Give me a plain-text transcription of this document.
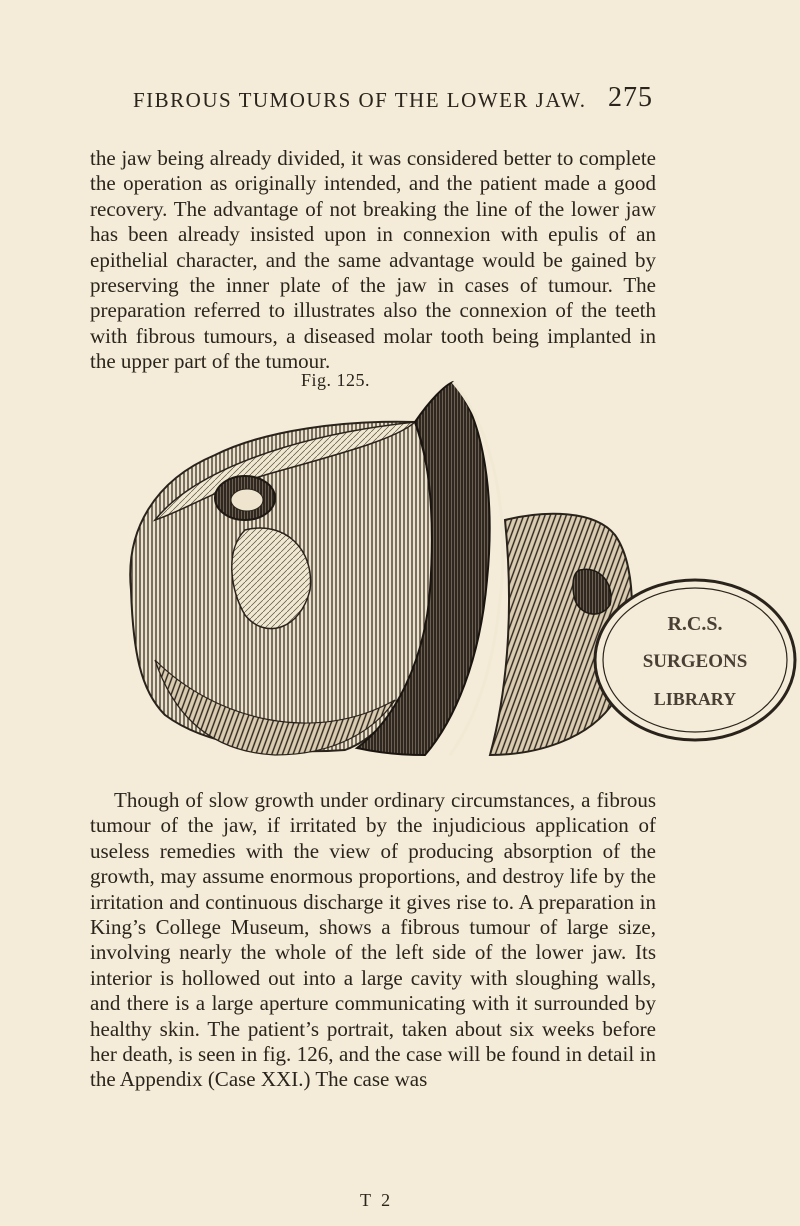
FIBROUS TUMOURS OF THE LOWER JAW. 275

the jaw being already divided, it was considered better to complete the operation as originally intended, and the patient made a good recovery. The advantage of not breaking the line of the lower jaw has been already insisted upon in connexion with epulis of an epithelial character, and the same advantage would be gained by preserving the inner plate of the jaw in cases of tumour. The preparation referred to illustrates also the connexion of the teeth with fibrous tumours, a diseased molar tooth being implanted in the upper part of the tumour.

Fig. 125.
R.C.S.
SURGEONS
LIBRARY

Though of slow growth under ordinary circumstances, a fibrous tumour of the jaw, if irritated by the injudicious application of useless remedies with the view of producing absorption of the growth, may assume enormous proportions, and destroy life by the irritation and continuous discharge it gives rise to. A preparation in King’s College Museum, shows a fibrous tumour of large size, involving nearly the whole of the left side of the lower jaw. Its interior is hollowed out into a large cavity with sloughing walls, and there is a large aperture communicating with it surrounded by healthy skin. The patient’s portrait, taken about six weeks before her death, is seen in fig. 126, and the case will be found in detail in the Appendix (Case XXI.) The case was

T 2
